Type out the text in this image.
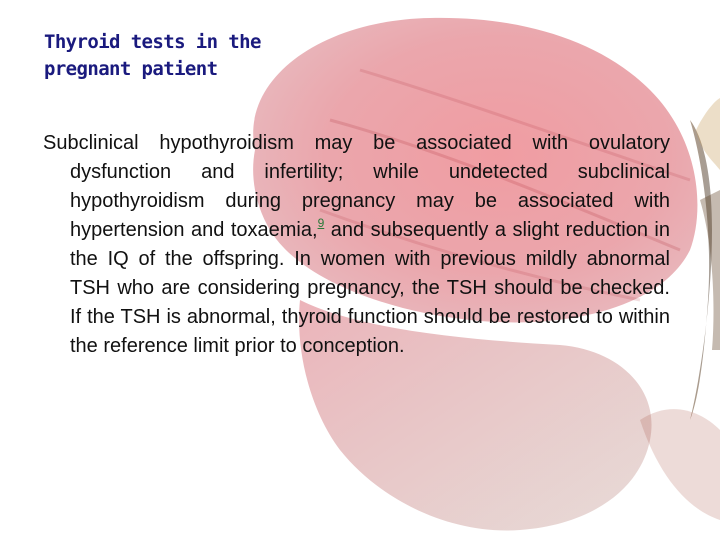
Thyroid tests in the
pregnant patient

Subclinical hypothyroidism may be associated with ovulatory dysfunction and infertility; while undetected subclinical hypothyroidism during pregnancy may be associated with hypertension and toxaemia,$^9$ and subsequently a slight reduction in the IQ of the offspring. In women with previous mildly abnormal TSH who are considering pregnancy, the TSH should be checked. If the TSH is abnormal, thyroid function should be restored to within the reference limit prior to conception.
